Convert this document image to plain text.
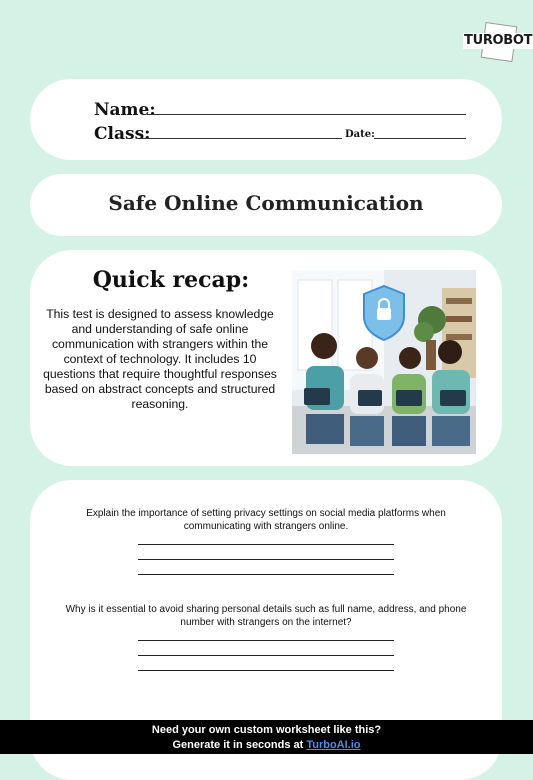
TUROBOT
Name:
Class:	Date:
Safe Online Communication
Quick recap:
This test is designed to assess knowledge and understanding of safe online communication with strangers within the context of technology. It includes 10 questions that require thoughtful responses based on abstract concepts and structured reasoning.
Explain the importance of setting privacy settings on social media platforms when communicating with strangers online.
Why is it essential to avoid sharing personal details such as full name, address, and phone number with strangers on the internet?
Need your own custom worksheet like this?
Generate it in seconds at TurboAI.io
